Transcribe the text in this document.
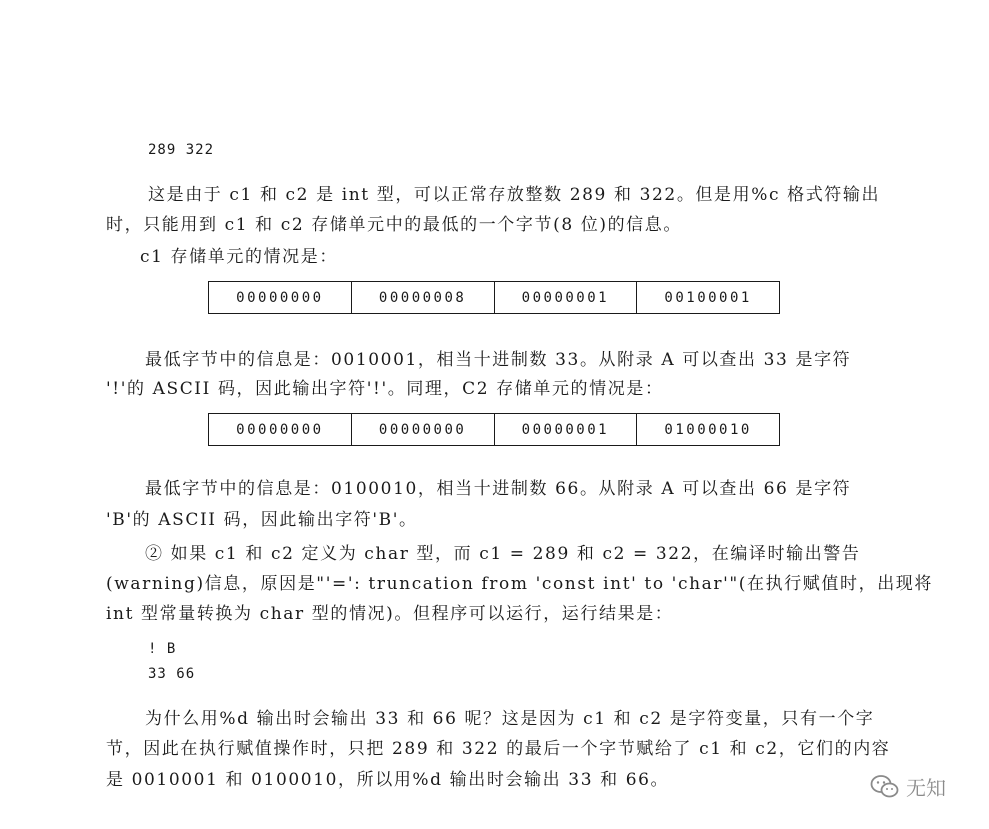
289 322
这是由于 c1 和 c2 是 int 型，可以正常存放整数 289 和 322。但是用%c 格式符输出
时，只能用到 c1 和 c2 存储单元中的最低的一个字节(8 位)的信息。
c1 存储单元的情况是：
00000000	00000008	00000001	00100001
最低字节中的信息是：0010001，相当十进制数 33。从附录 A 可以查出 33 是字符
'!'的 ASCII 码，因此输出字符'!'。同理，C2 存储单元的情况是：
00000000	00000000	00000001	01000010
最低字节中的信息是：0100010，相当十进制数 66。从附录 A 可以查出 66 是字符
'B'的 ASCII 码，因此输出字符'B'。
② 如果 c1 和 c2 定义为 char 型，而 c1 = 289 和 c2 = 322，在编译时输出警告
(warning)信息，原因是"'=': truncation from 'const int' to 'char'"(在执行赋值时，出现将
int 型常量转换为 char 型的情况)。但程序可以运行，运行结果是：
! B
33 66
为什么用%d 输出时会输出 33 和 66 呢？这是因为 c1 和 c2 是字符变量，只有一个字
节，因此在执行赋值操作时，只把 289 和 322 的最后一个字节赋给了 c1 和 c2，它们的内容
是 0010001 和 0100010，所以用%d 输出时会输出 33 和 66。	无知
